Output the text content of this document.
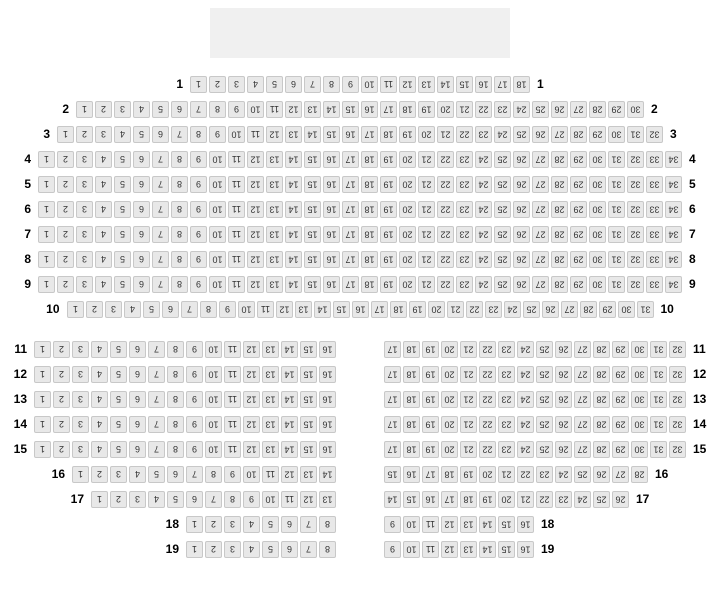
1	1 2 3 4 5 6 7 8 9 10 11 12 13 14 15 16 17 18 1
2	1 2 3 4 5 6 7 8 9 10 11 12 13 14 15 16 17 18 19 20 21 22 23 24 25 26 27 28 29 30 2
3	1 2 3 4 5 6 7 8 9 10 11 12 13 14 15 16 17 18 19 20 21 22 23 24 25 26 27 28 29 30 31 32 3
4	1 2 3 4 5 6 7 8 9 10 11 12 13 14 15 16 17 18 19 20 21 22 23 24 25 26 27 28 29 30 31 32 33 34 4
5	1 2 3 4 5 6 7 8 9 10 11 12 13 14 15 16 17 18 19 20 21 22 23 24 25 26 27 28 29 30 31 32 33 34 5
6	1 2 3 4 5 6 7 8 9 10 11 12 13 14 15 16 17 18 19 20 21 22 23 24 25 26 27 28 29 30 31 32 33 34 6
7	1 2 3 4 5 6 7 8 9 10 11 12 13 14 15 16 17 18 19 20 21 22 23 24 25 26 27 28 29 30 31 32 33 34 7
8	1 2 3 4 5 6 7 8 9 10 11 12 13 14 15 16 17 18 19 20 21 22 23 24 25 26 27 28 29 30 31 32 33 34 8
9	1 2 3 4 5 6 7 8 9 10 11 12 13 14 15 16 17 18 19 20 21 22 23 24 25 26 27 28 29 30 31 32 33 34 9
10	1 2 3 4 5 6 7 8 9 10 11 12 13 14 15 16 17 18 19 20 21 22 23 24 25 26 27 28 29 30 31 10
11	1 2 3 4 5 6 7 8 9 10 11 12 13 14 15 16	17 18 19 20 21 22 23 24 25 26 27 28 29 30 31 32 11
12	1 2 3 4 5 6 7 8 9 10 11 12 13 14 15 16	17 18 19 20 21 22 23 24 25 26 27 28 29 30 31 32 12
13	1 2 3 4 5 6 7 8 9 10 11 12 13 14 15 16	17 18 19 20 21 22 23 24 25 26 27 28 29 30 31 32 13
14	1 2 3 4 5 6 7 8 9 10 11 12 13 14 15 16	17 18 19 20 21 22 23 24 25 26 27 28 29 30 31 32 14
15	1 2 3 4 5 6 7 8 9 10 11 12 13 14 15 16	17 18 19 20 21 22 23 24 25 26 27 28 29 30 31 32 15
16	1 2 3 4 5 6 7 8 9 10 11 12 13 14	15 16 17 18 19 20 21 22 23 24 25 26 27 28 16
17	1 2 3 4 5 6 7 8 9 10 11 12 13	14 15 16 17 18 19 20 21 22 23 24 25 26 17
18	1 2 3 4 5 6 7 8	9 10 11 12 13 14 15 16 18
19	1 2 3 4 5 6 7 8	9 10 11 12 13 14 15 16 19
